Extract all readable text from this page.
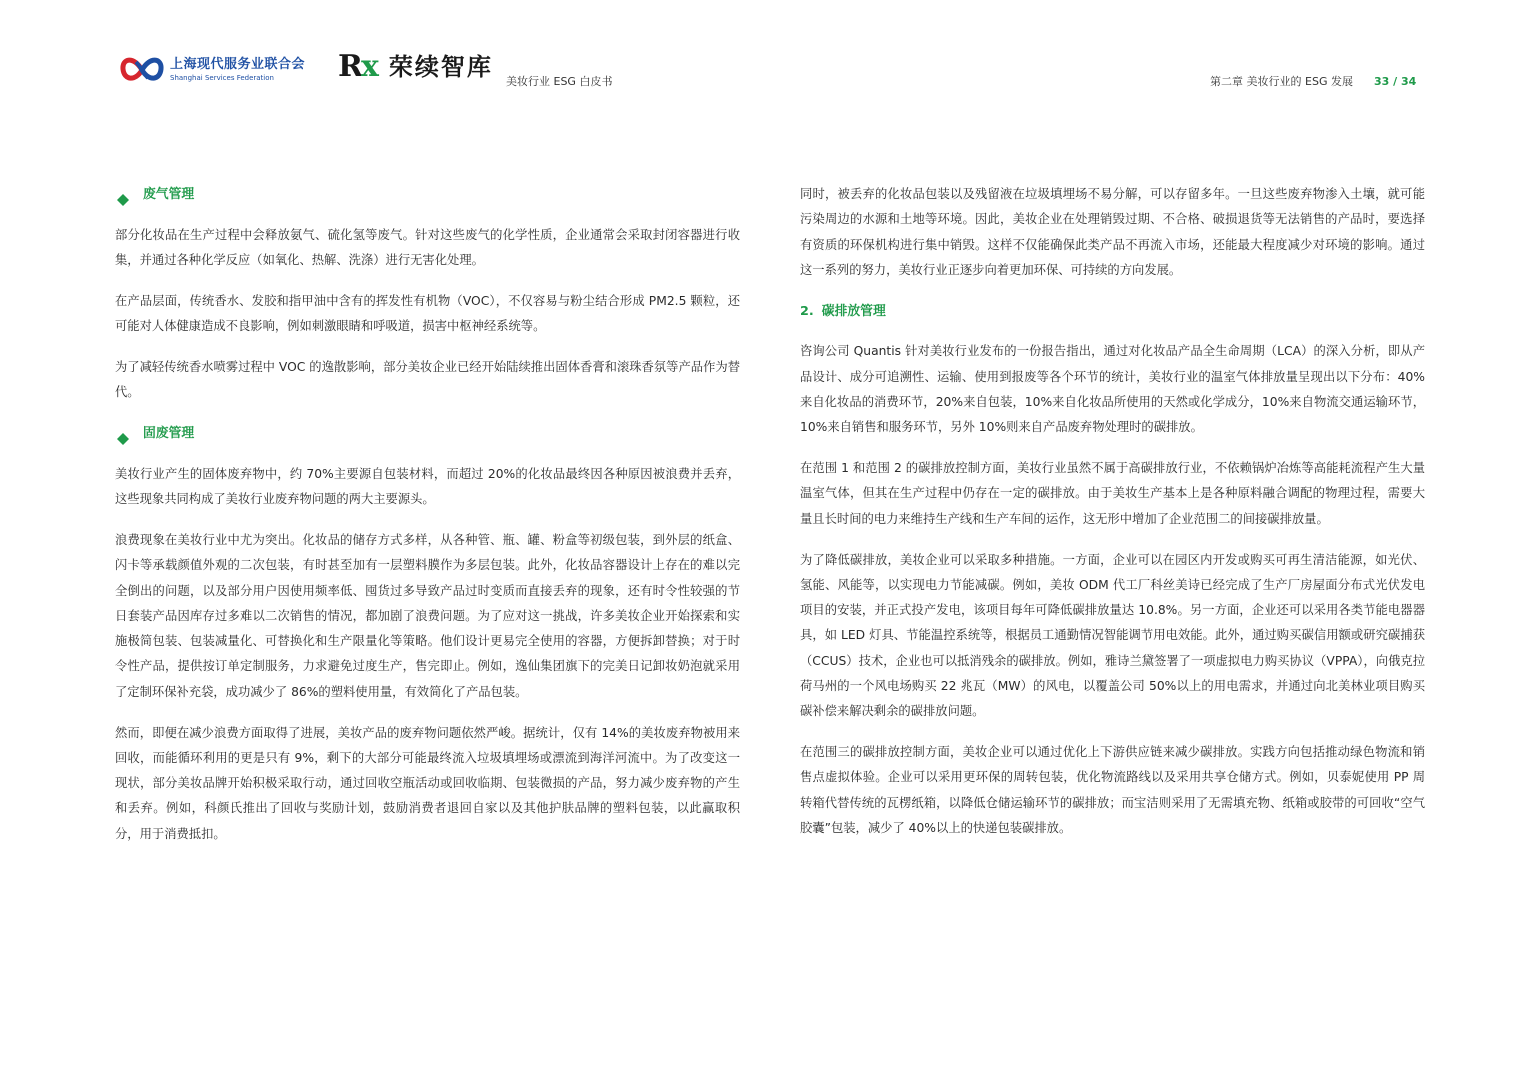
上海现代服务业联合会
Shanghai Services Federation	Rx 荣续智库
美妆行业 ESG 白皮书	第二章 美妆行业的 ESG 发展 33 / 34
废气管理

部分化妆品在生产过程中会释放氨气、硫化氢等废气。针对这些废气的化学性质，企业通常会采取封闭容器进行收集，并通过各种化学反应（如氧化、热解、洗涤）进行无害化处理。

在产品层面，传统香水、发胶和指甲油中含有的挥发性有机物（VOC），不仅容易与粉尘结合形成 PM2.5 颗粒，还可能对人体健康造成不良影响，例如刺激眼睛和呼吸道，损害中枢神经系统等。

为了减轻传统香水喷雾过程中 VOC 的逸散影响，部分美妆企业已经开始陆续推出固体香膏和滚珠香氛等产品作为替代。

固废管理

美妆行业产生的固体废弃物中，约 70%主要源自包装材料，而超过 20%的化妆品最终因各种原因被浪费并丢弃，这些现象共同构成了美妆行业废弃物问题的两大主要源头。

浪费现象在美妆行业中尤为突出。化妆品的储存方式多样，从各种管、瓶、罐、粉盒等初级包装，到外层的纸盒、闪卡等承载颜值外观的二次包装，有时甚至加有一层塑料膜作为多层包装。此外，化妆品容器设计上存在的难以完全倒出的问题，以及部分用户因使用频率低、囤货过多导致产品过时变质而直接丢弃的现象，还有时令性较强的节日套装产品因库存过多难以二次销售的情况，都加剧了浪费问题。为了应对这一挑战，许多美妆企业开始探索和实施极简包装、包装减量化、可替换化和生产限量化等策略。他们设计更易完全使用的容器，方便拆卸替换；对于时令性产品，提供按订单定制服务，力求避免过度生产，售完即止。例如，逸仙集团旗下的完美日记卸妆奶泡就采用了定制环保补充袋，成功减少了 86%的塑料使用量，有效简化了产品包装。

然而，即便在减少浪费方面取得了进展，美妆产品的废弃物问题依然严峻。据统计，仅有 14%的美妆废弃物被用来回收，而能循环利用的更是只有 9%，剩下的大部分可能最终流入垃圾填埋场或漂流到海洋河流中。为了改变这一现状，部分美妆品牌开始积极采取行动，通过回收空瓶活动或回收临期、包装微损的产品，努力减少废弃物的产生和丢弃。例如，科颜氏推出了回收与奖励计划，鼓励消费者退回自家以及其他护肤品牌的塑料包装，以此赢取积分，用于消费抵扣。

同时，被丢弃的化妆品包装以及残留液在垃圾填埋场不易分解，可以存留多年。一旦这些废弃物渗入土壤，就可能污染周边的水源和土地等环境。因此，美妆企业在处理销毁过期、不合格、破损退货等无法销售的产品时，要选择有资质的环保机构进行集中销毁。这样不仅能确保此类产品不再流入市场，还能最大程度减少对环境的影响。通过这一系列的努力，美妆行业正逐步向着更加环保、可持续的方向发展。

2. 碳排放管理

咨询公司 Quantis 针对美妆行业发布的一份报告指出，通过对化妆品产品全生命周期（LCA）的深入分析，即从产品设计、成分可追溯性、运输、使用到报废等各个环节的统计，美妆行业的温室气体排放量呈现出以下分布：40%来自化妆品的消费环节，20%来自包装，10%来自化妆品所使用的天然或化学成分，10%来自物流交通运输环节，10%来自销售和服务环节，另外 10%则来自产品废弃物处理时的碳排放。

在范围 1 和范围 2 的碳排放控制方面，美妆行业虽然不属于高碳排放行业，不依赖锅炉冶炼等高能耗流程产生大量温室气体，但其在生产过程中仍存在一定的碳排放。由于美妆生产基本上是各种原料融合调配的物理过程，需要大量且长时间的电力来维持生产线和生产车间的运作，这无形中增加了企业范围二的间接碳排放量。

为了降低碳排放，美妆企业可以采取多种措施。一方面，企业可以在园区内开发或购买可再生清洁能源，如光伏、氢能、风能等，以实现电力节能减碳。例如，美妆 ODM 代工厂科丝美诗已经完成了生产厂房屋面分布式光伏发电项目的安装，并正式投产发电，该项目每年可降低碳排放量达 10.8%。另一方面，企业还可以采用各类节能电器器具，如 LED 灯具、节能温控系统等，根据员工通勤情况智能调节用电效能。此外，通过购买碳信用额或研究碳捕获（CCUS）技术，企业也可以抵消残余的碳排放。例如，雅诗兰黛签署了一项虚拟电力购买协议（VPPA），向俄克拉荷马州的一个风电场购买 22 兆瓦（MW）的风电，以覆盖公司 50%以上的用电需求，并通过向北美林业项目购买碳补偿来解决剩余的碳排放问题。

在范围三的碳排放控制方面，美妆企业可以通过优化上下游供应链来减少碳排放。实践方向包括推动绿色物流和销售点虚拟体验。企业可以采用更环保的周转包装，优化物流路线以及采用共享仓储方式。例如，贝泰妮使用 PP 周转箱代替传统的瓦楞纸箱，以降低仓储运输环节的碳排放；而宝洁则采用了无需填充物、纸箱或胶带的可回收“空气胶囊”包装，减少了 40%以上的快递包装碳排放。
